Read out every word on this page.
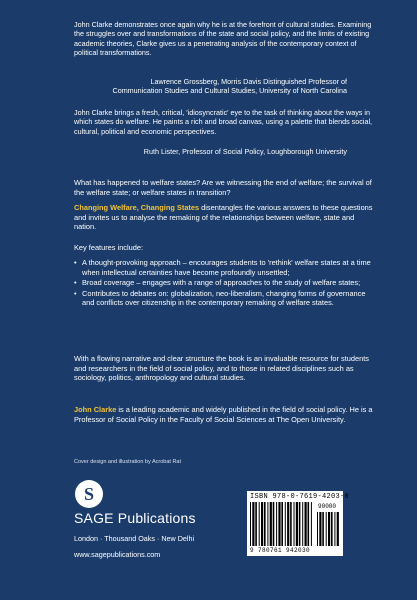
John Clarke demonstrates once again why he is at the forefront of cultural studies. Examining the struggles over and transformations of the state and social policy, and the limits of existing academic theories, Clarke gives us a penetrating analysis of the contemporary context of political transformations.

Lawrence Grossberg, Morris Davis Distinguished Professor of
Communication Studies and Cultural Studies, University of North Carolina

John Clarke brings a fresh, critical, 'idiosyncratic' eye to the task of thinking about the ways in which states do welfare. He paints a rich and broad canvas, using a palette that blends social, cultural, political and economic perspectives.

Ruth Lister, Professor of Social Policy, Loughborough University
What has happened to welfare states? Are we witnessing the end of welfare; the survival of the welfare state; or welfare states in transition?
Changing Welfare, Changing States disentangles the various answers to these questions and invites us to analyse the remaking of the relationships between welfare, state and nation.
Key features include:
• A thought-provoking approach – encourages students to 'rethink' welfare states at a time when intellectual certainties have become profoundly unsettled;
• Broad coverage – engages with a range of approaches to the study of welfare states;
• Contributes to debates on: globalization, neo-liberalism, changing forms of governance and conflicts over citizenship in the contemporary remaking of welfare states.
With a flowing narrative and clear structure the book is an invaluable resource for students and researchers in the field of social policy, and to those in related disciplines such as sociology, politics, anthropology and cultural studies.
John Clarke is a leading academic and widely published in the field of social policy. He is a Professor of Social Policy in the Faculty of Social Sciences at The Open University.
Cover design and illustration by Acrobat Rat
S
SAGE Publications
London · Thousand Oaks · New Delhi
www.sagepublications.com
ISBN 978-0-7619-4203-0
90000
9 780761 942030
